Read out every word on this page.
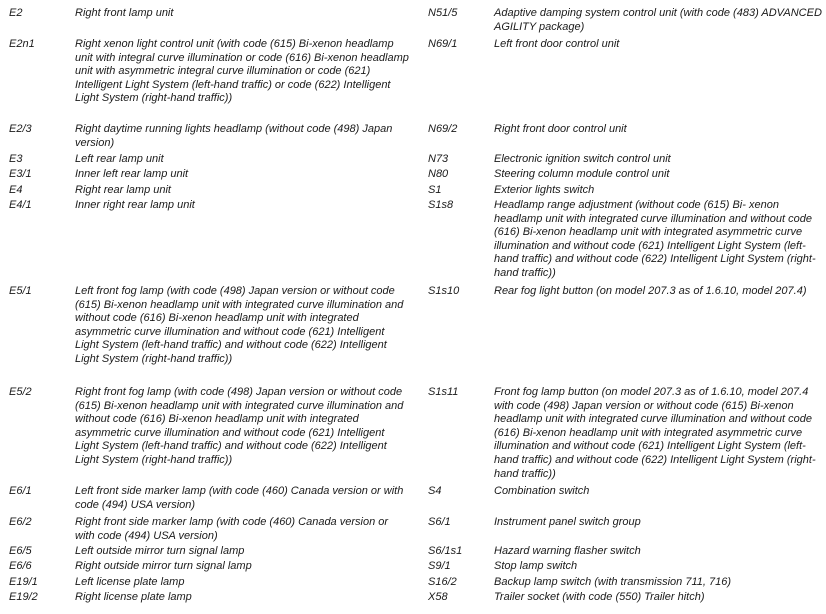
E2	Right front lamp unit
E2n1	Right xenon light control unit (with code (615) Bi-xenon headlamp unit with integral curve illumination or code (616) Bi-xenon headlamp unit with asymmetric integral curve illumination or code (621) Intelligent Light System (left-hand traffic) or code (622) Intelligent Light System (right-hand traffic))
E2/3	Right daytime running lights headlamp (without code (498) Japan version)
E3	Left rear lamp unit
E3/1	Inner left rear lamp unit
E4	Right rear lamp unit
E4/1	Inner right rear lamp unit
E5/1	Left front fog lamp (with code (498) Japan version or without code (615) Bi-xenon headlamp unit with integrated curve illumination and without code (616) Bi-xenon headlamp unit with integrated asymmetric curve illumination and without code (621) Intelligent Light System (left-hand traffic) and without code (622) Intelligent Light System (right-hand traffic))
E5/2	Right front fog lamp (with code (498) Japan version or without code (615) Bi-xenon headlamp unit with integrated curve illumination and without code (616) Bi-xenon headlamp unit with integrated asymmetric curve illumination and without code (621) Intelligent Light System (left-hand traffic) and without code (622) Intelligent Light System (right-hand traffic))
E6/1	Left front side marker lamp (with code (460) Canada version or with code (494) USA version)
E6/2	Right front side marker lamp (with code (460) Canada version or with code (494) USA version)
E6/5	Left outside mirror turn signal lamp
E6/6	Right outside mirror turn signal lamp
E19/1	Left license plate lamp
E19/2	Right license plate lamp
N51/5	Adaptive damping system control unit (with code (483) ADVANCED AGILITY package)
N69/1	Left front door control unit
N69/2	Right front door control unit
N73	Electronic ignition switch control unit
N80	Steering column module control unit
S1	Exterior lights switch
S1s8	Headlamp range adjustment (without code (615) Bi- xenon headlamp unit with integrated curve illumination and without code (616) Bi-xenon headlamp unit with integrated asymmetric curve illumination and without code (621) Intelligent Light System (left-hand traffic) and without code (622) Intelligent Light System (right-hand traffic))
S1s10	Rear fog light button (on model 207.3 as of 1.6.10, model 207.4)
S1s11	Front fog lamp button (on model 207.3 as of 1.6.10, model 207.4 with code (498) Japan version or without code (615) Bi-xenon headlamp unit with integrated curve illumination and without code (616) Bi-xenon headlamp unit with integrated asymmetric curve illumination and without code (621) Intelligent Light System (left-hand traffic) and without code (622) Intelligent Light System (right-hand traffic))
S4	Combination switch
S6/1	Instrument panel switch group
S6/1s1	Hazard warning flasher switch
S9/1	Stop lamp switch
S16/2	Backup lamp switch (with transmission 711, 716)
X58	Trailer socket (with code (550) Trailer hitch)
